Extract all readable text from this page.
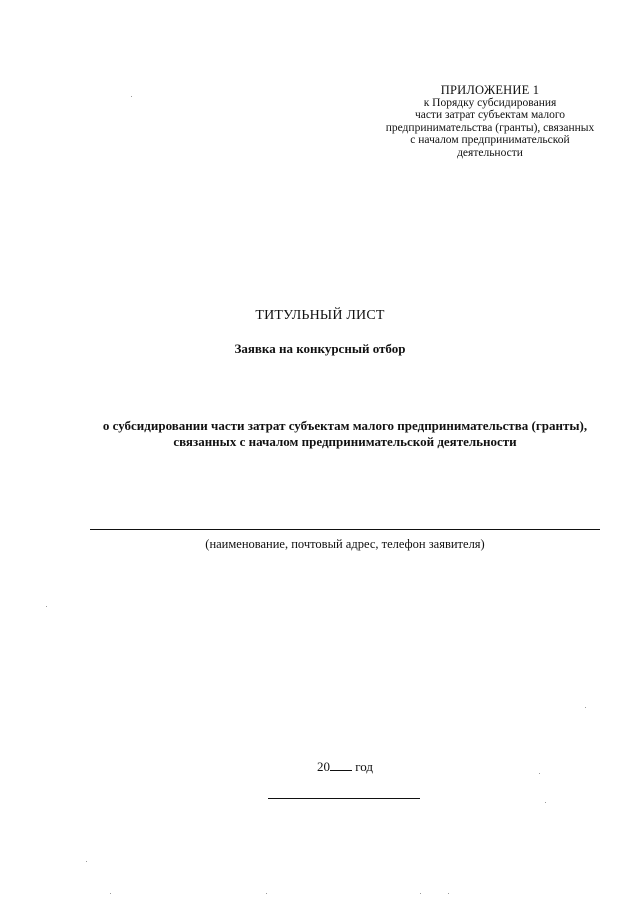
ПРИЛОЖЕНИЕ 1
к Порядку субсидирования
части затрат субъектам малого
предпринимательства (гранты), связанных
с началом предпринимательской
деятельности
ТИТУЛЬНЫЙ ЛИСТ
Заявка на конкурсный отбор
о субсидировании части затрат субъектам малого предпринимательства (гранты),
связанных с началом предпринимательской деятельности
(наименование, почтовый адрес, телефон заявителя)
20 год
